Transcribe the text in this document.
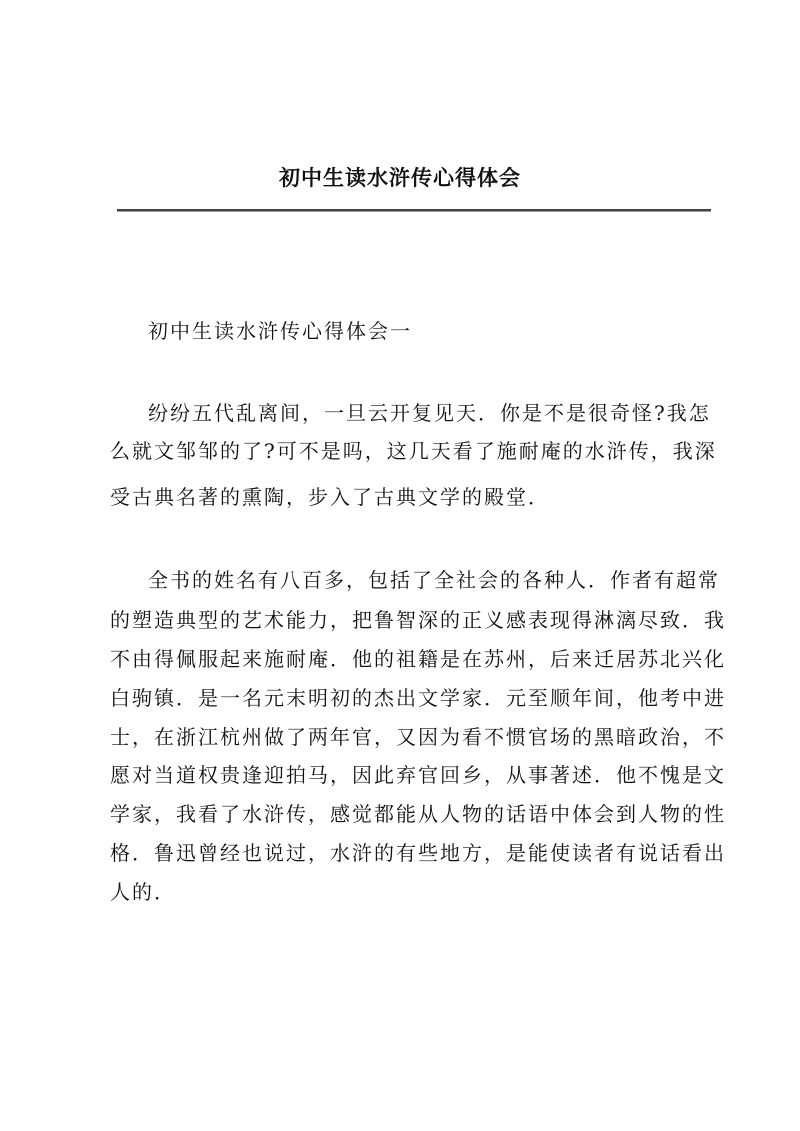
初中生读水浒传心得体会
初中生读水浒传心得体会一
纷纷五代乱离间，一旦云开复见天．你是不是很奇怪?我怎
么就文邹邹的了?可不是吗，这几天看了施耐庵的水浒传，我深
受古典名著的熏陶，步入了古典文学的殿堂．
全书的姓名有八百多，包括了全社会的各种人．作者有超常
的塑造典型的艺术能力，把鲁智深的正义感表现得淋漓尽致．我
不由得佩服起来施耐庵．他的祖籍是在苏州，后来迁居苏北兴化
白驹镇．是一名元末明初的杰出文学家．元至顺年间，他考中进
士，在浙江杭州做了两年官，又因为看不惯官场的黑暗政治，不
愿对当道权贵逢迎拍马，因此弃官回乡，从事著述．他不愧是文
学家，我看了水浒传，感觉都能从人物的话语中体会到人物的性
格．鲁迅曾经也说过，水浒的有些地方，是能使读者有说话看出
人的．
